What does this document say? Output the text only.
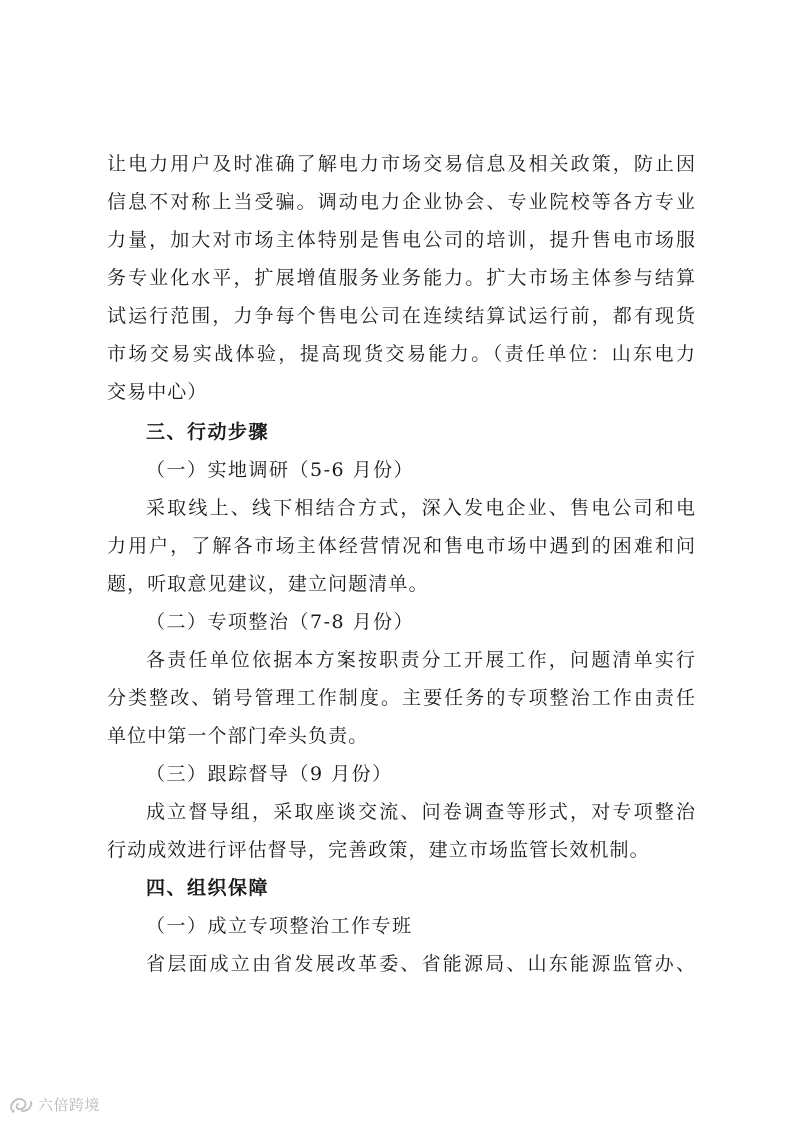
让电力用户及时准确了解电力市场交易信息及相关政策，防止因
信息不对称上当受骗。调动电力企业协会、专业院校等各方专业
力量，加大对市场主体特别是售电公司的培训，提升售电市场服
务专业化水平，扩展增值服务业务能力。扩大市场主体参与结算
试运行范围，力争每个售电公司在连续结算试运行前，都有现货
市场交易实战体验，提高现货交易能力。（责任单位：山东电力
交易中心）
三、行动步骤
（一）实地调研（5-6 月份）
采取线上、线下相结合方式，深入发电企业、售电公司和电
力用户，了解各市场主体经营情况和售电市场中遇到的困难和问
题，听取意见建议，建立问题清单。
（二）专项整治（7-8 月份）
各责任单位依据本方案按职责分工开展工作，问题清单实行
分类整改、销号管理工作制度。主要任务的专项整治工作由责任
单位中第一个部门牵头负责。
（三）跟踪督导（9 月份）
成立督导组，采取座谈交流、问卷调查等形式，对专项整治
行动成效进行评估督导，完善政策，建立市场监管长效机制。
四、组织保障
（一）成立专项整治工作专班
省层面成立由省发展改革委、省能源局、山东能源监管办、
六倍跨境
